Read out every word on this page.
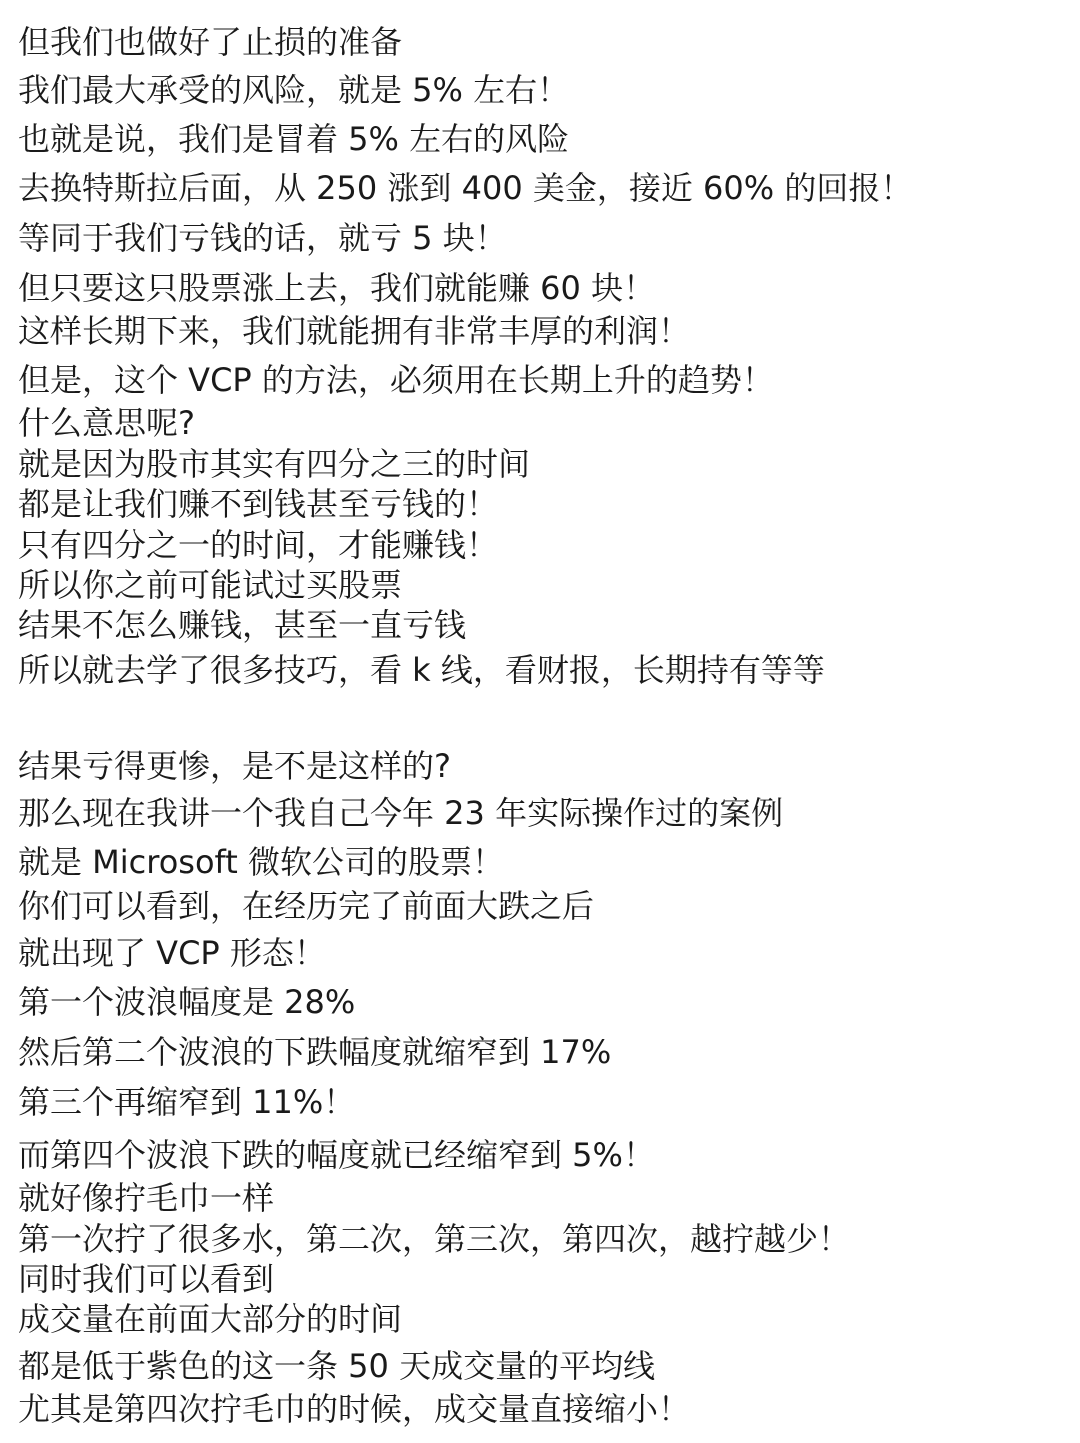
但我们也做好了止损的准备
我们最大承受的风险，就是 5% 左右！
也就是说，我们是冒着 5% 左右的风险
去换特斯拉后面，从 250 涨到 400 美金，接近 60% 的回报！
等同于我们亏钱的话，就亏 5 块！
但只要这只股票涨上去，我们就能赚 60 块！
这样长期下来，我们就能拥有非常丰厚的利润！
但是，这个 VCP 的方法，必须用在长期上升的趋势！
什么意思呢?
就是因为股市其实有四分之三的时间
都是让我们赚不到钱甚至亏钱的！
只有四分之一的时间，才能赚钱！
所以你之前可能试过买股票
结果不怎么赚钱，甚至一直亏钱
所以就去学了很多技巧，看 k 线，看财报，长期持有等等
结果亏得更惨，是不是这样的?
那么现在我讲一个我自己今年 23 年实际操作过的案例
就是 Microsoft 微软公司的股票！
你们可以看到，在经历完了前面大跌之后
就出现了 VCP 形态！
第一个波浪幅度是 28%
然后第二个波浪的下跌幅度就缩窄到 17%
第三个再缩窄到 11%！
而第四个波浪下跌的幅度就已经缩窄到 5%！
就好像拧毛巾一样
第一次拧了很多水，第二次，第三次，第四次，越拧越少！
同时我们可以看到
成交量在前面大部分的时间
都是低于紫色的这一条 50 天成交量的平均线
尤其是第四次拧毛巾的时候，成交量直接缩小！
